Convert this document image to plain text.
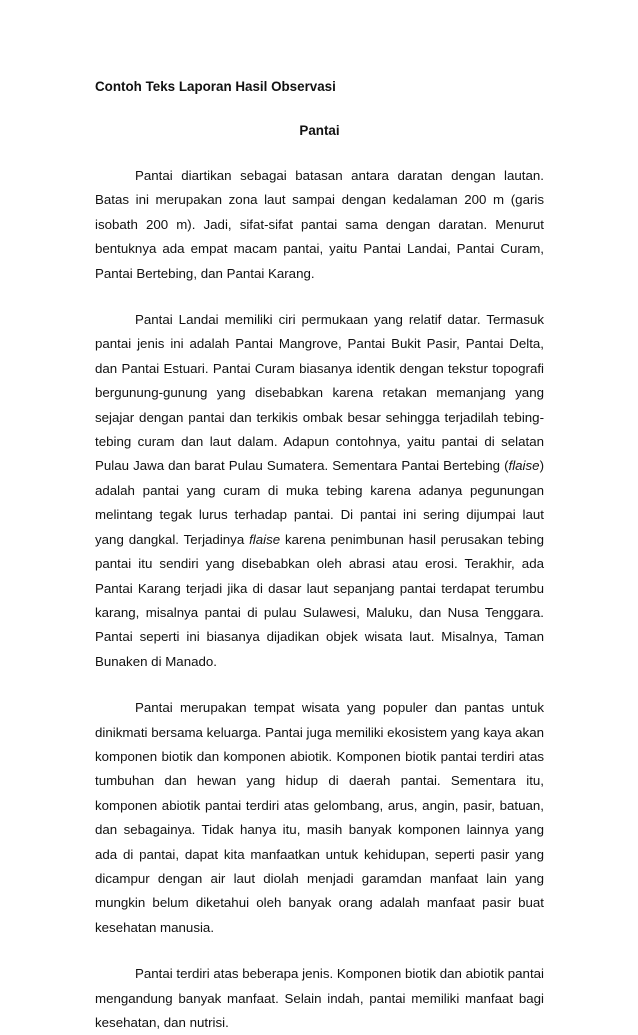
Contoh Teks Laporan Hasil Observasi

Pantai

Pantai diartikan sebagai batasan antara daratan dengan lautan. Batas ini merupakan zona laut sampai dengan kedalaman 200 m (garis isobath 200 m). Jadi, sifat-sifat pantai sama dengan daratan. Menurut bentuknya ada empat macam pantai, yaitu Pantai Landai, Pantai Curam, Pantai Bertebing, dan Pantai Karang.

Pantai Landai memiliki ciri permukaan yang relatif datar. Termasuk pantai jenis ini adalah Pantai Mangrove, Pantai Bukit Pasir, Pantai Delta, dan Pantai Estuari. Pantai Curam biasanya identik dengan tekstur topografi bergunung-gunung yang disebabkan karena retakan memanjang yang sejajar dengan pantai dan terkikis ombak besar sehingga terjadilah tebing-tebing curam dan laut dalam. Adapun contohnya, yaitu pantai di selatan Pulau Jawa dan barat Pulau Sumatera. Sementara Pantai Bertebing (flaise) adalah pantai yang curam di muka tebing karena adanya pegunungan melintang tegak lurus terhadap pantai. Di pantai ini sering dijumpai laut yang dangkal. Terjadinya flaise karena penimbunan hasil perusakan tebing pantai itu sendiri yang disebabkan oleh abrasi atau erosi. Terakhir, ada Pantai Karang terjadi jika di dasar laut sepanjang pantai terdapat terumbu karang, misalnya pantai di pulau Sulawesi, Maluku, dan Nusa Tenggara. Pantai seperti ini biasanya dijadikan objek wisata laut. Misalnya, Taman Bunaken di Manado.

Pantai merupakan tempat wisata yang populer dan pantas untuk dinikmati bersama keluarga. Pantai juga memiliki ekosistem yang kaya akan komponen biotik dan komponen abiotik. Komponen biotik pantai terdiri atas tumbuhan dan hewan yang hidup di daerah pantai. Sementara itu, komponen abiotik pantai terdiri atas gelombang, arus, angin, pasir, batuan, dan sebagainya. Tidak hanya itu, masih banyak komponen lainnya yang ada di pantai, dapat kita manfaatkan untuk kehidupan, seperti pasir yang dicampur dengan air laut diolah menjadi garamdan manfaat lain yang mungkin belum diketahui oleh banyak orang adalah manfaat pasir buat kesehatan manusia.

Pantai terdiri atas beberapa jenis. Komponen biotik dan abiotik pantai mengandung banyak manfaat. Selain indah, pantai memiliki manfaat bagi kesehatan, dan nutrisi.
